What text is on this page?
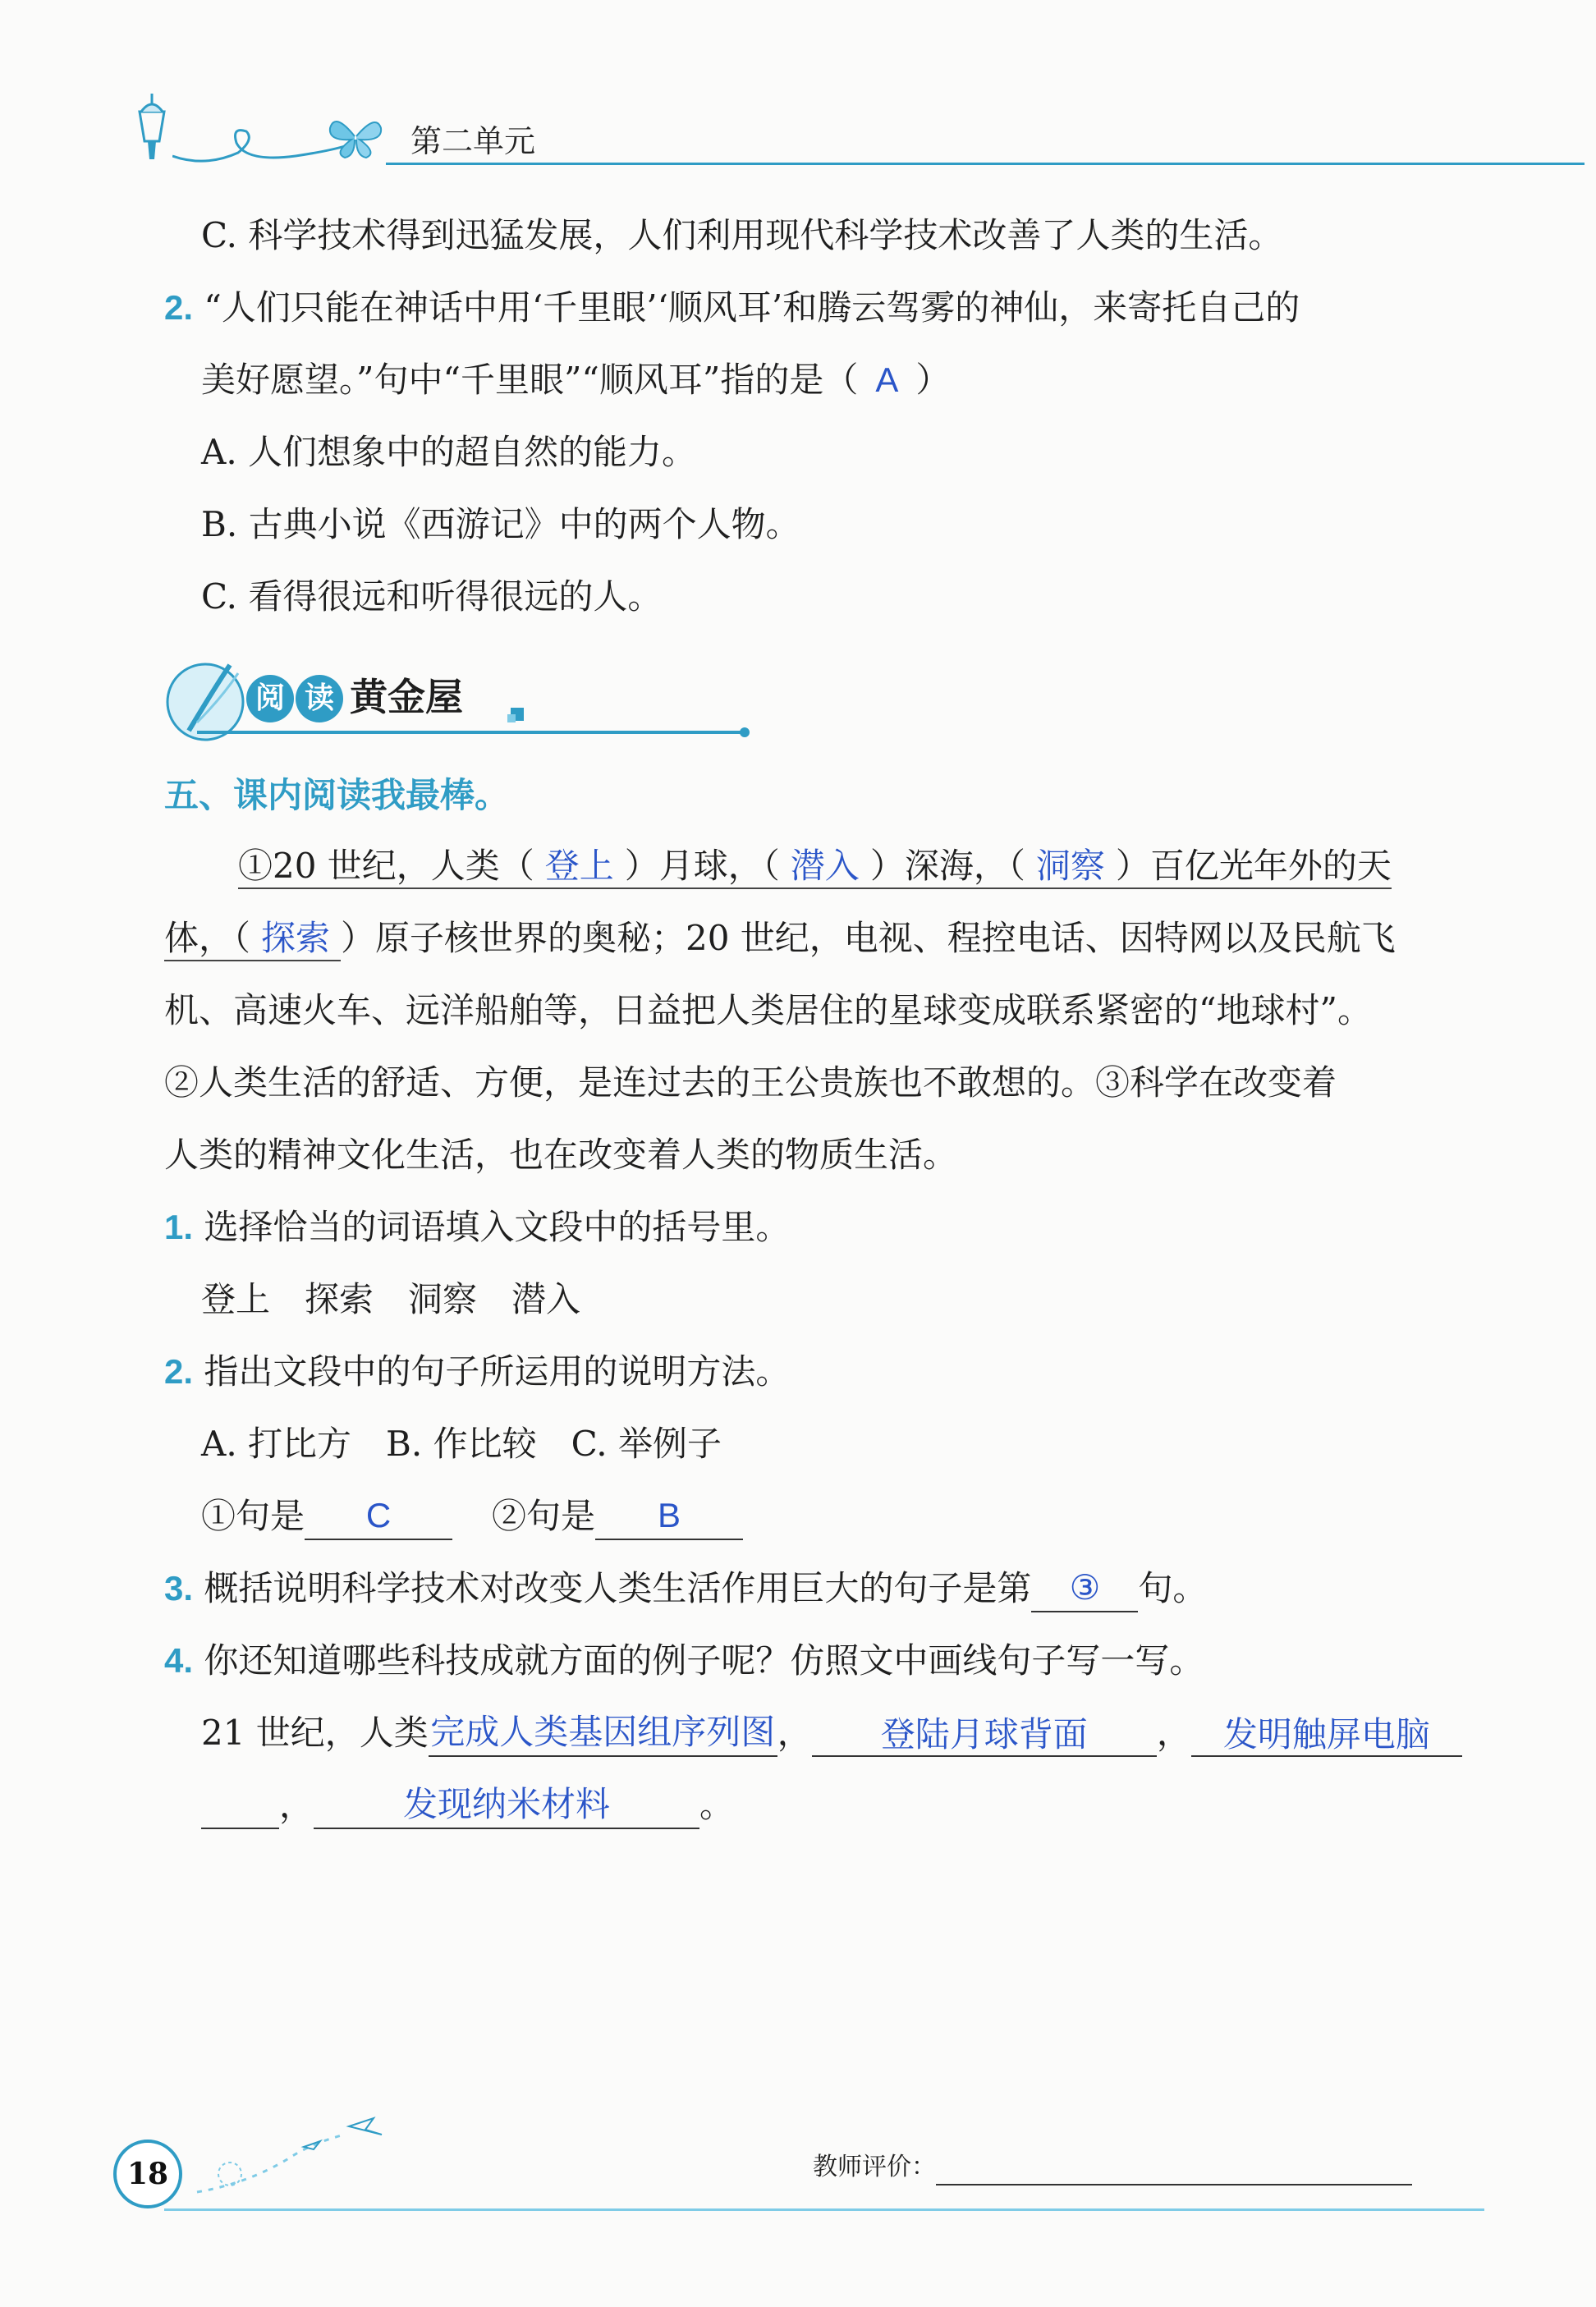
第二单元
C. 科学技术得到迅猛发展，人们利用现代科学技术改善了人类的生活。
2. “人们只能在神话中用‘千里眼’‘顺风耳’和腾云驾雾的神仙，来寄托自己的
美好愿望。”句中“千里眼”“顺风耳”指的是（ A ）
A. 人们想象中的超自然的能力。
B. 古典小说《西游记》中的两个人物。
C. 看得很远和听得很远的人。
阅 读 黄金屋
五、课内阅读我最棒。
①20 世纪，人类（ 登上 ）月球，（ 潜入 ）深海，（ 洞察 ）百亿光年外的天
体，（ 探索 ）原子核世界的奥秘；20 世纪，电视、程控电话、因特网以及民航飞
机、高速火车、远洋船舶等，日益把人类居住的星球变成联系紧密的“地球村”。
②人类生活的舒适、方便，是连过去的王公贵族也不敢想的。③科学在改变着
人类的精神文化生活，也在改变着人类的物质生活。
1. 选择恰当的词语填入文段中的括号里。
登上　探索　洞察　潜入
2. 指出文段中的句子所运用的说明方法。
A. 打比方　B. 作比较　C. 举例子
①句是 C	②句是 B
3. 概括说明科学技术对改变人类生活作用巨大的句子是第 ③ 句。
4. 你还知道哪些科技成就方面的例子呢？仿照文中画线句子写一写。
21 世纪，人类完成人类基因组序列图， 登陆月球背面 ， 发明触屏电脑
，	发现纳米材料	。
18	教师评价：
